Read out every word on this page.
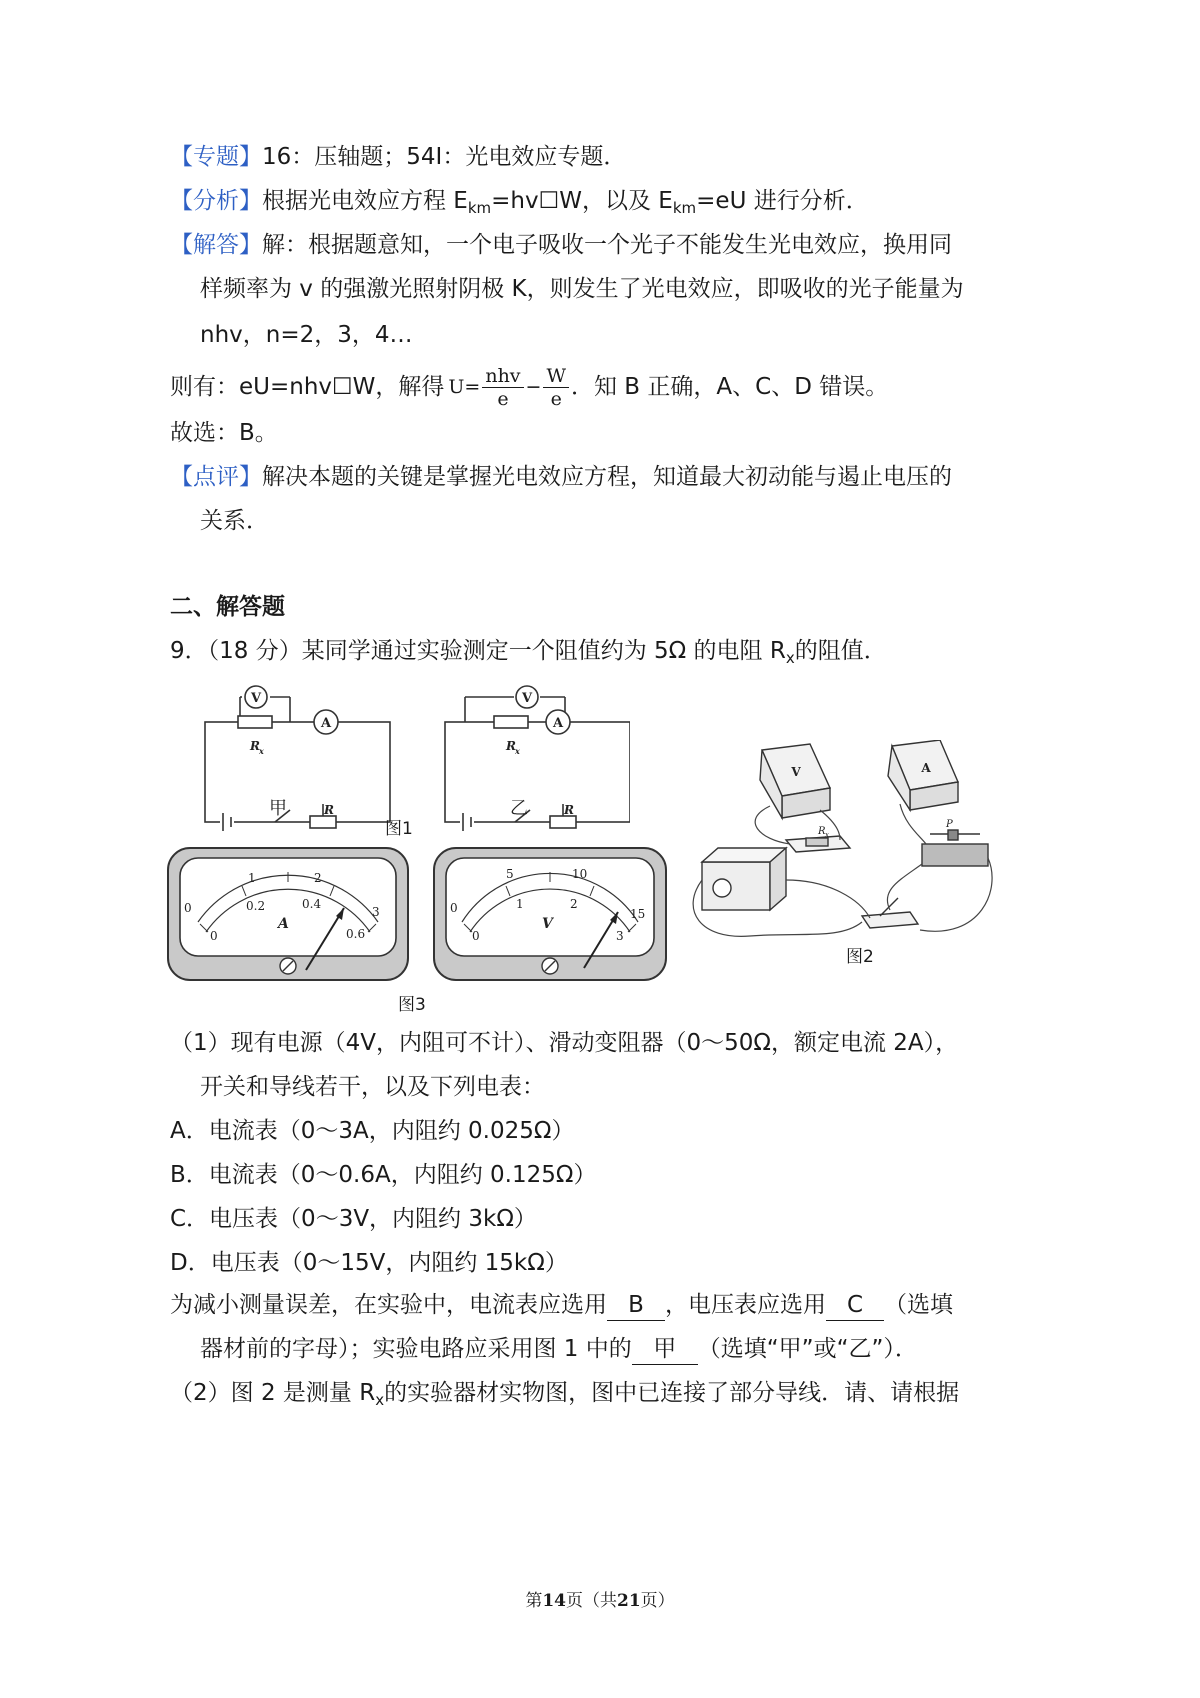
【专题】16：压轴题；54I：光电效应专题．
【分析】根据光电效应方程 $E_{km}=hv☐W$，以及 $E_{km}=eU$ 进行分析．
【解答】解：根据题意知，一个电子吸收一个光子不能发生光电效应，换用同
样频率为 v 的强激光照射阴极 K，则发生了光电效应，即吸收的光子能量为
nhv，n=2，3，4…
则有：eU=nhv☐W，解得 $U= \frac{\text{nhv}}{e} - \frac{W}{e}$ ．知 B 正确，A、C、D 错误。
故选：B。
【点评】解决本题的关键是掌握光电效应方程，知道最大初动能与遏止电压的
关系．
二、解答题
9．（18 分）某同学通过实验测定一个阻值约为 5Ω 的电阻 $R_x$的阻值．
V
A
V
A
R x
R
R x
R
甲	乙
图1
V	A
R x
P
图2
0
1	2
3
0
0.2	0.4
0.6
A
0
5	10
15
0
1	2
3
V
图3
（1）现有电源（4V，内阻可不计）、滑动变阻器（0～50Ω，额定电流 2A），
开关和导线若干，以及下列电表：
A．电流表（0～3A，内阻约 0.025Ω）
B．电流表（0～0.6A，内阻约 0.125Ω）
C．电压表（0～3V，内阻约 3kΩ）
D．电压表（0～15V，内阻约 15kΩ）
为减小测量误差，在实验中，电流表应选用 B ，电压表应选用 C （选填
器材前的字母）；实验电路应采用图 1 中的 甲 （选填“甲”或“乙”）．
（2）图 2 是测量 $R_x$的实验器材实物图，图中已连接了部分导线．请、请根据
第14页（共21页）
